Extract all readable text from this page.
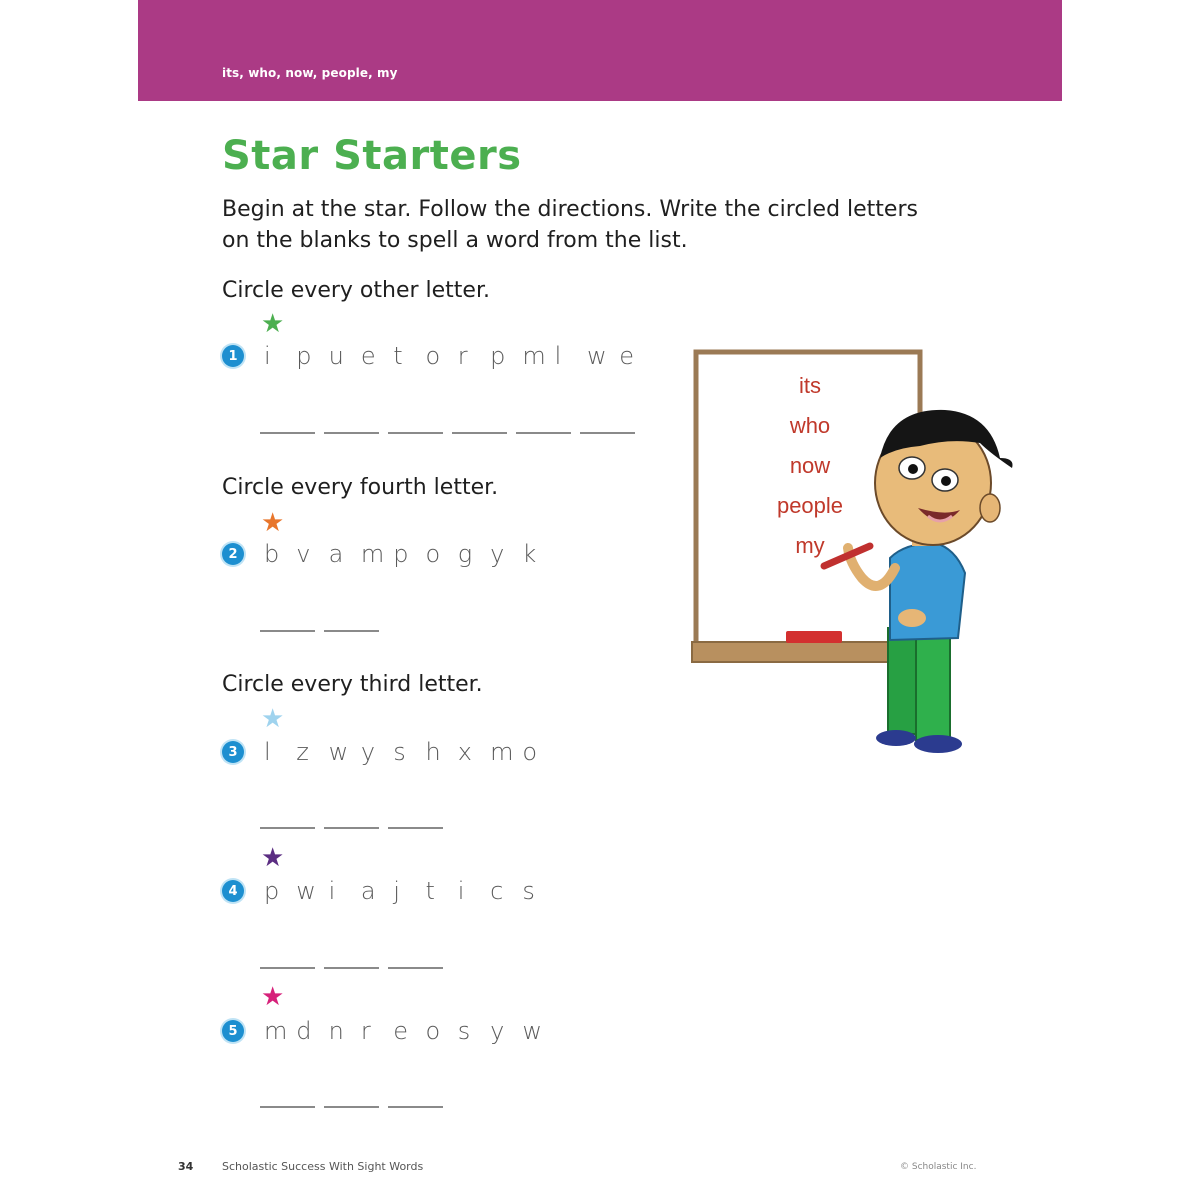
its, who, now, people, my
Star Starters
Begin at the star. Follow the directions. Write the circled letters on the blanks to spell a word from the list.
Circle every other letter.
★
1 i	p u e t o r p m l	w e
Circle every fourth letter.
★
2 b v a m p o g y k
Circle every third letter.
★
3 l	z w y s h x m o
★
4 p w i	a j	t i	c s
★
5 m d n r e o s y w
its
who
now
people
my
34	Scholastic Success With Sight Words	© Scholastic Inc.
